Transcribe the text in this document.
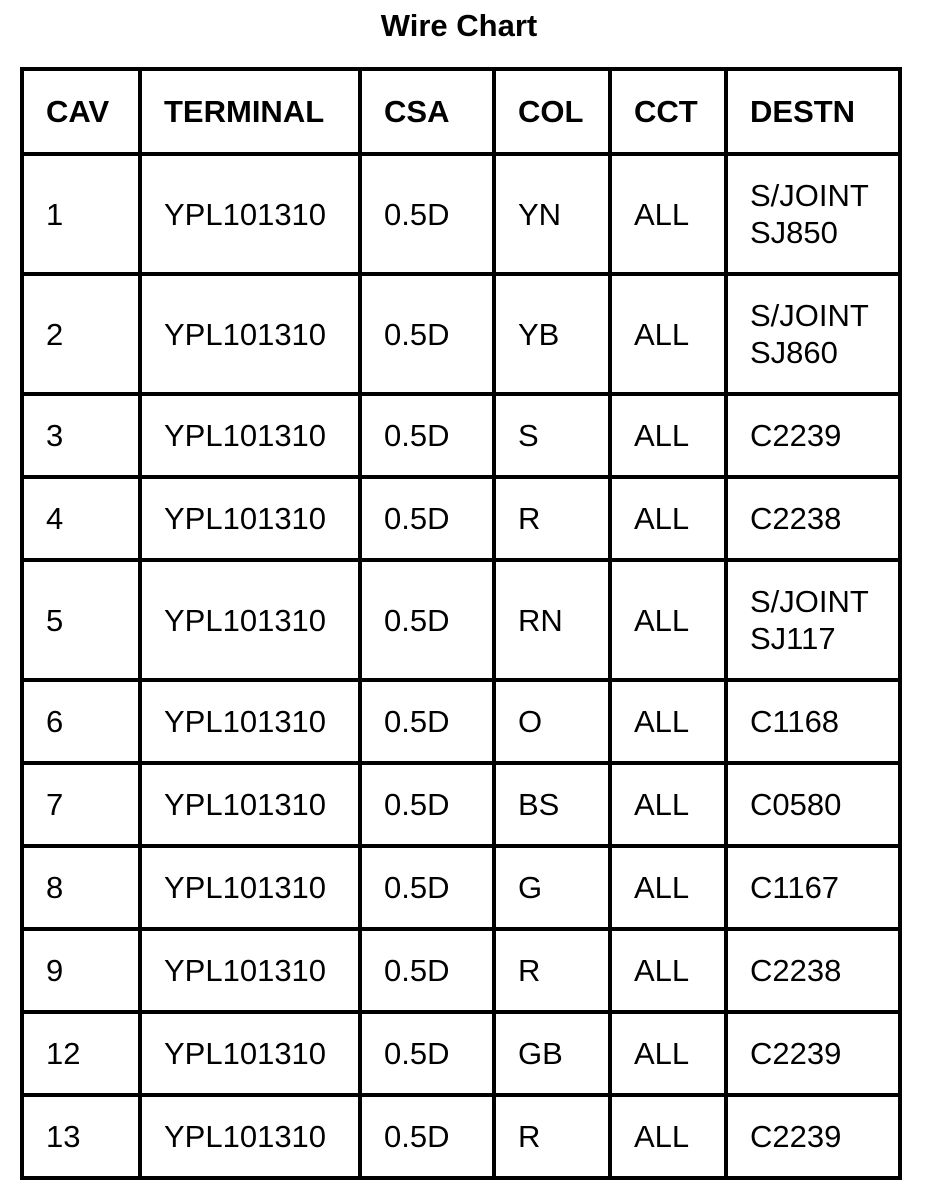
Wire Chart
CAV	TERMINAL	CSA	COL	CCT	DESTN
1	YPL101310	0.5D	YN	ALL	S/JOINT
SJ850

2	YPL101310	0.5D	YB	ALL	S/JOINT
SJ860

3	YPL101310	0.5D	S	ALL	C2239

4	YPL101310	0.5D	R	ALL	C2238

5	YPL101310	0.5D	RN	ALL	S/JOINT
SJ117

6	YPL101310	0.5D	O	ALL	C1168

7	YPL101310	0.5D	BS	ALL	C0580

8	YPL101310	0.5D	G	ALL	C1167

9	YPL101310	0.5D	R	ALL	C2238

12	YPL101310	0.5D	GB	ALL	C2239

13	YPL101310	0.5D	R	ALL	C2239
